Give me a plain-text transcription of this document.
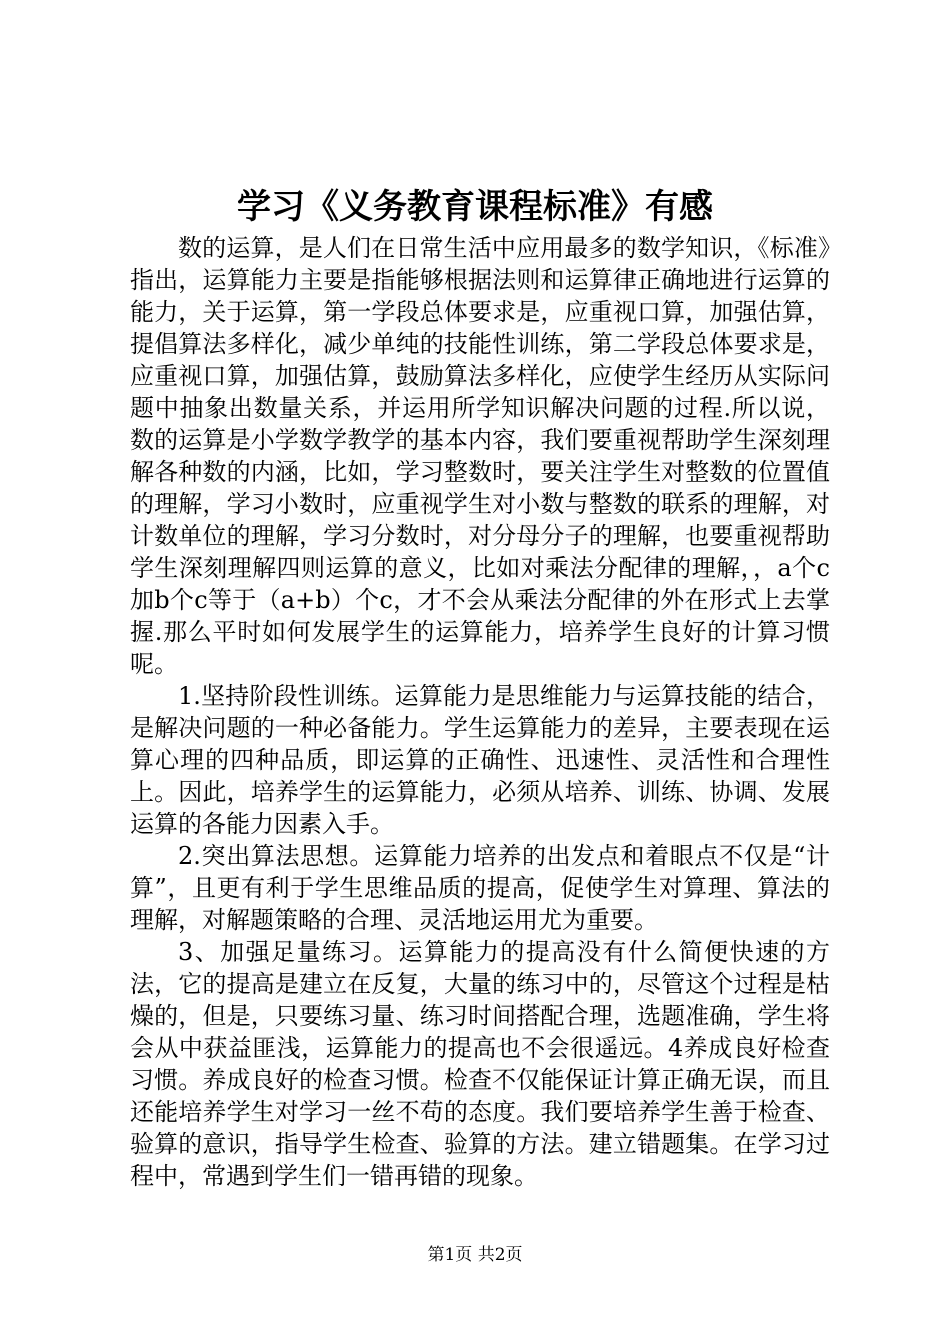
学习《义务教育课程标准》有感

数的运算，是人们在日常生活中应用最多的数学知识，《标准》指出，运算能力主要是指能够根据法则和运算律正确地进行运算的能力，关于运算，第一学段总体要求是，应重视口算，加强估算，提倡算法多样化，减少单纯的技能性训练，第二学段总体要求是，应重视口算，加强估算，鼓励算法多样化，应使学生经历从实际问题中抽象出数量关系，并运用所学知识解决问题的过程.所以说，数的运算是小学数学教学的基本内容，我们要重视帮助学生深刻理解各种数的内涵，比如，学习整数时，要关注学生对整数的位置值的理解，学习小数时，应重视学生对小数与整数的联系的理解，对计数单位的理解，学习分数时，对分母分子的理解，也要重视帮助学生深刻理解四则运算的意义，比如对乘法分配律的理解，，a个c加b个c等于（a+b）个c，才不会从乘法分配律的外在形式上去掌握.那么平时如何发展学生的运算能力，培养学生良好的计算习惯呢。

1.坚持阶段性训练。运算能力是思维能力与运算技能的结合，是解决问题的一种必备能力。学生运算能力的差异，主要表现在运算心理的四种品质，即运算的正确性、迅速性、灵活性和合理性上。因此，培养学生的运算能力，必须从培养、训练、协调、发展运算的各能力因素入手。

2.突出算法思想。运算能力培养的出发点和着眼点不仅是“计算”，且更有利于学生思维品质的提高，促使学生对算理、算法的理解，对解题策略的合理、灵活地运用尤为重要。

3、加强足量练习。运算能力的提高没有什么简便快速的方法，它的提高是建立在反复，大量的练习中的，尽管这个过程是枯燥的，但是，只要练习量、练习时间搭配合理，选题准确，学生将会从中获益匪浅，运算能力的提高也不会很遥远。4养成良好检查习惯。养成良好的检查习惯。检查不仅能保证计算正确无误，而且还能培养学生对学习一丝不苟的态度。我们要培养学生善于检查、验算的意识，指导学生检查、验算的方法。建立错题集。在学习过程中，常遇到学生们一错再错的现象。

第1页 共2页
